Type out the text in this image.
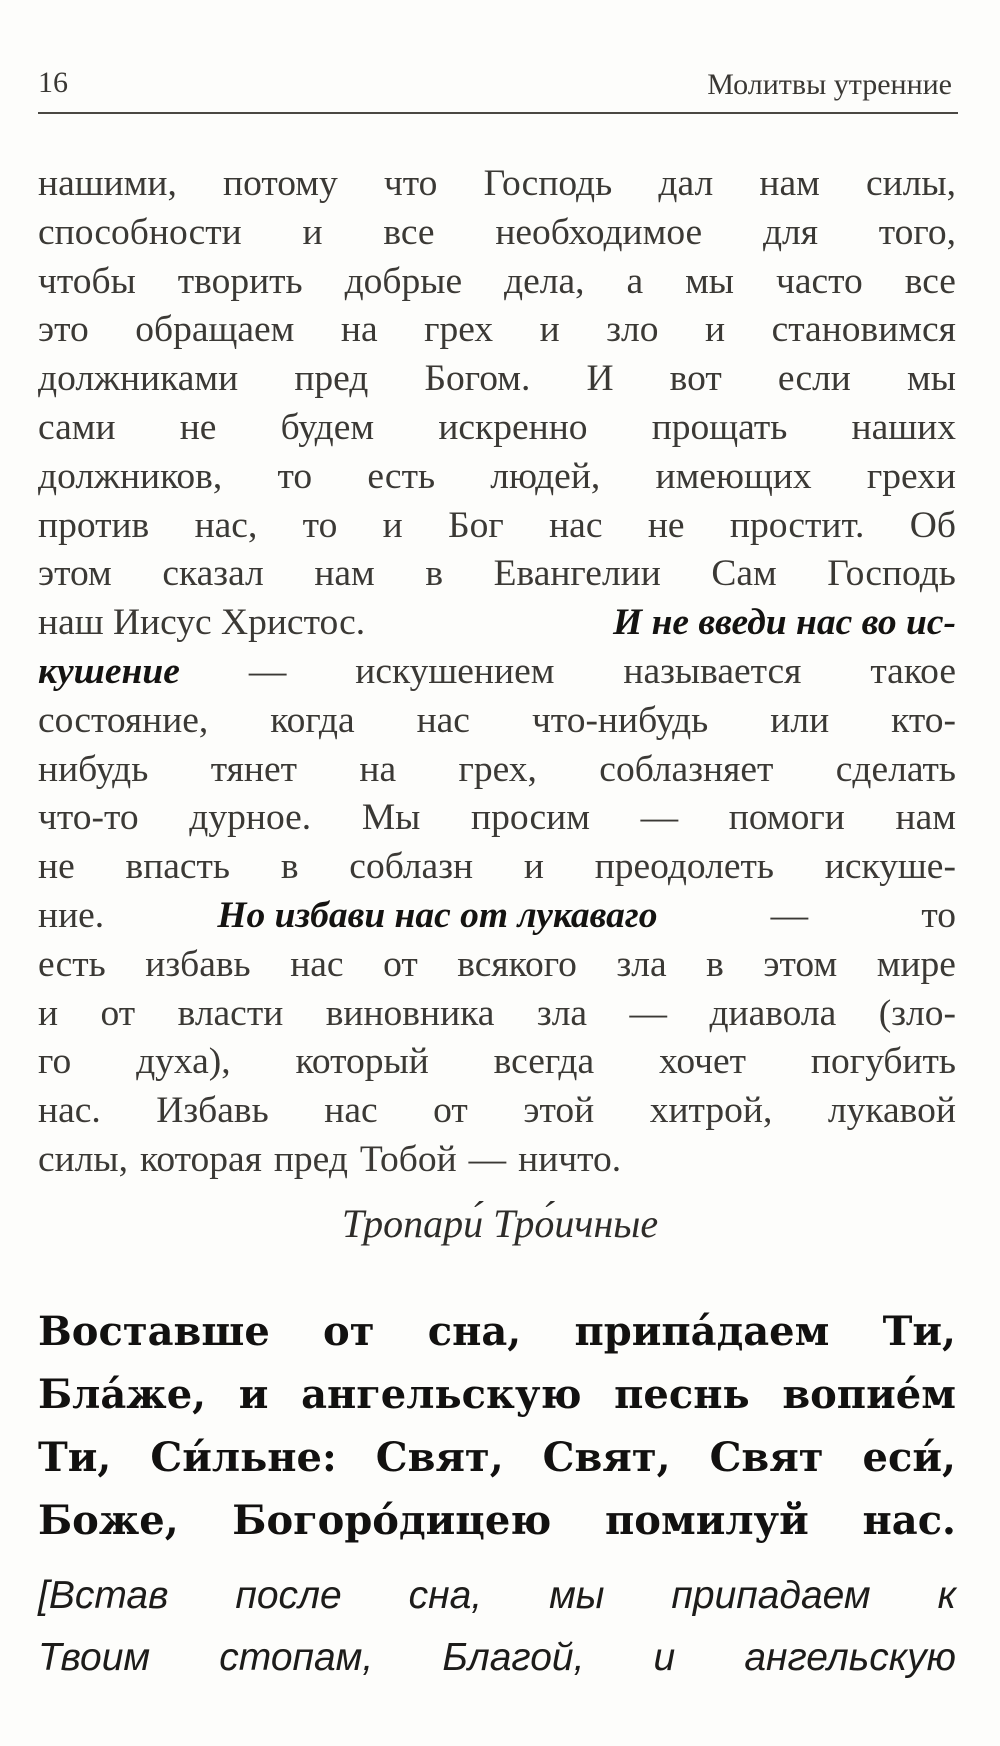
16	Молитвы утренние
нашими, потому что Господь дал нам силы,
способности и все необходимое для того,
чтобы творить добрые дела, а мы часто все
это обращаем на грех и зло и становимся
должниками пред Богом. И вот если мы
сами не будем искренно прощать наших
должников, то есть людей, имеющих грехи
против нас, то и Бог нас не простит. Об
этом сказал нам в Евангелии Сам Господь
наш Иисус Христос.	И не введи нас во ис-
кушение — искушением называется такое
состояние, когда нас что-нибудь или кто-
нибудь тянет на грех, соблазняет сделать
что-то дурное. Мы просим — помоги нам
не впасть в соблазн и преодолеть искуше-
ние.	Но избави нас от лукаваго	—	то
есть избавь нас от всякого зла в этом мире
и от власти виновника зла — диавола (зло-
го духа), который всегда хочет погубить
нас. Избавь нас от этой хитрой, лукавой
силы, которая пред Тобой — ничто.
Тропари́ Тро́ичные
Воставше от сна, припа́даем Ти,
Бла́же, и ангельскую песнь вопие́м
Ти, Си́льне: Свят, Свят, Свят еси́,
Боже, Богоро́дицею помилуй нас.
[Встав после сна, мы припадаем к
Твоим стопам, Благой, и ангельскую
